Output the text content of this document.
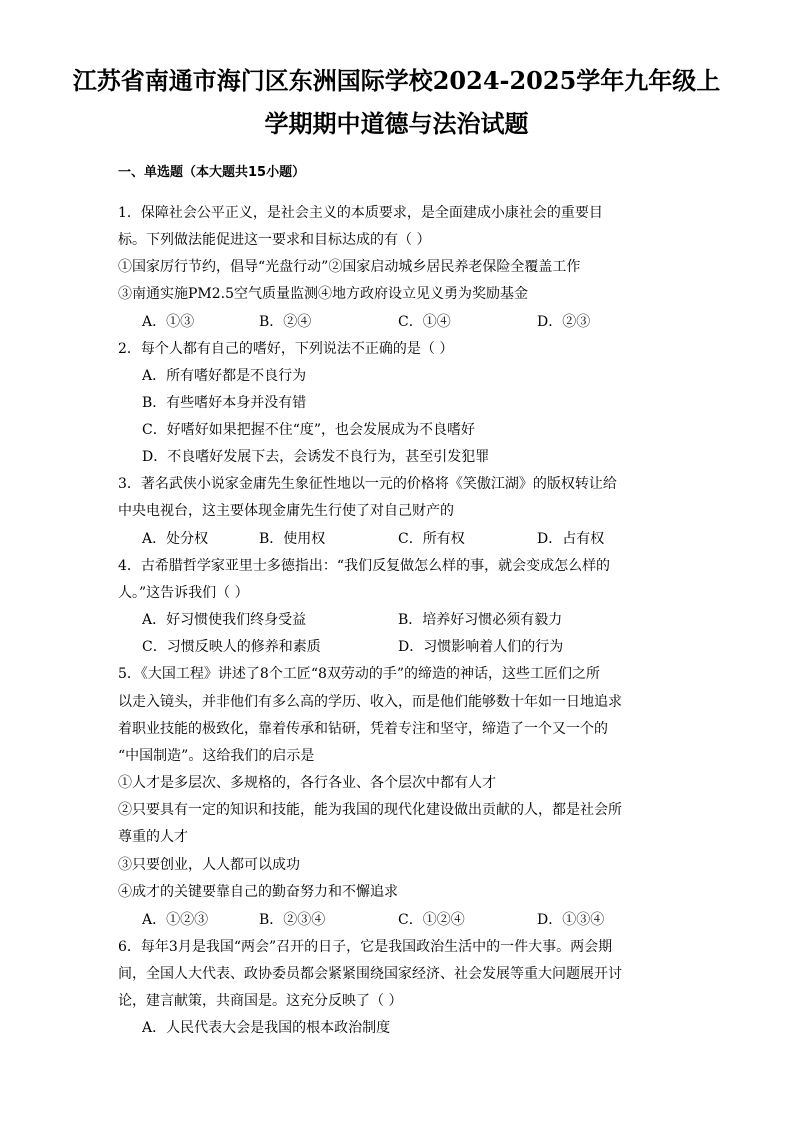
江苏省南通市海门区东洲国际学校2024-2025学年九年级上
学期期中道德与法治试题

一、单选题（本大题共15小题）

1．保障社会公平正义，是社会主义的本质要求，是全面建成小康社会的重要目

标。下列做法能促进这一要求和目标达成的有（ ）

①国家厉行节约，倡导“光盘行动”②国家启动城乡居民养老保险全覆盖工作

③南通实施PM2.5空气质量监测④地方政府设立见义勇为奖励基金

A．①③	B．②④	C．①④	D．②③

2．每个人都有自己的嗜好，下列说法不正确的是（ ）

A．所有嗜好都是不良行为

B．有些嗜好本身并没有错

C．好嗜好如果把握不住“度”，也会发展成为不良嗜好

D．不良嗜好发展下去，会诱发不良行为，甚至引发犯罪

3．著名武侠小说家金庸先生象征性地以一元的价格将《笑傲江湖》的版权转让给

中央电视台，这主要体现金庸先生行使了对自己财产的

A．处分权	B．使用权	C．所有权	D．占有权

4．古希腊哲学家亚里士多德指出：“我们反复做怎么样的事，就会变成怎么样的

人。”这告诉我们（ ）

A．好习惯使我们终身受益	B．培养好习惯必须有毅力

C．习惯反映人的修养和素质	D．习惯影响着人们的行为

5．《大国工程》讲述了8个工匠“8双劳动的手”的缔造的神话，这些工匠们之所

以走入镜头，并非他们有多么高的学历、收入，而是他们能够数十年如一日地追求

着职业技能的极致化，靠着传承和钻研，凭着专注和坚守，缔造了一个又一个的

“中国制造”。这给我们的启示是

①人才是多层次、多规格的，各行各业、各个层次中都有人才

②只要具有一定的知识和技能，能为我国的现代化建设做出贡献的人，都是社会所

尊重的人才

③只要创业，人人都可以成功

④成才的关键要靠自己的勤奋努力和不懈追求

A．①②③	B．②③④	C．①②④	D．①③④

6．每年3月是我国“两会”召开的日子，它是我国政治生活中的一件大事。两会期

间，全国人大代表、政协委员都会紧紧围绕国家经济、社会发展等重大问题展开讨

论，建言献策，共商国是。这充分反映了（ ）

A．人民代表大会是我国的根本政治制度
